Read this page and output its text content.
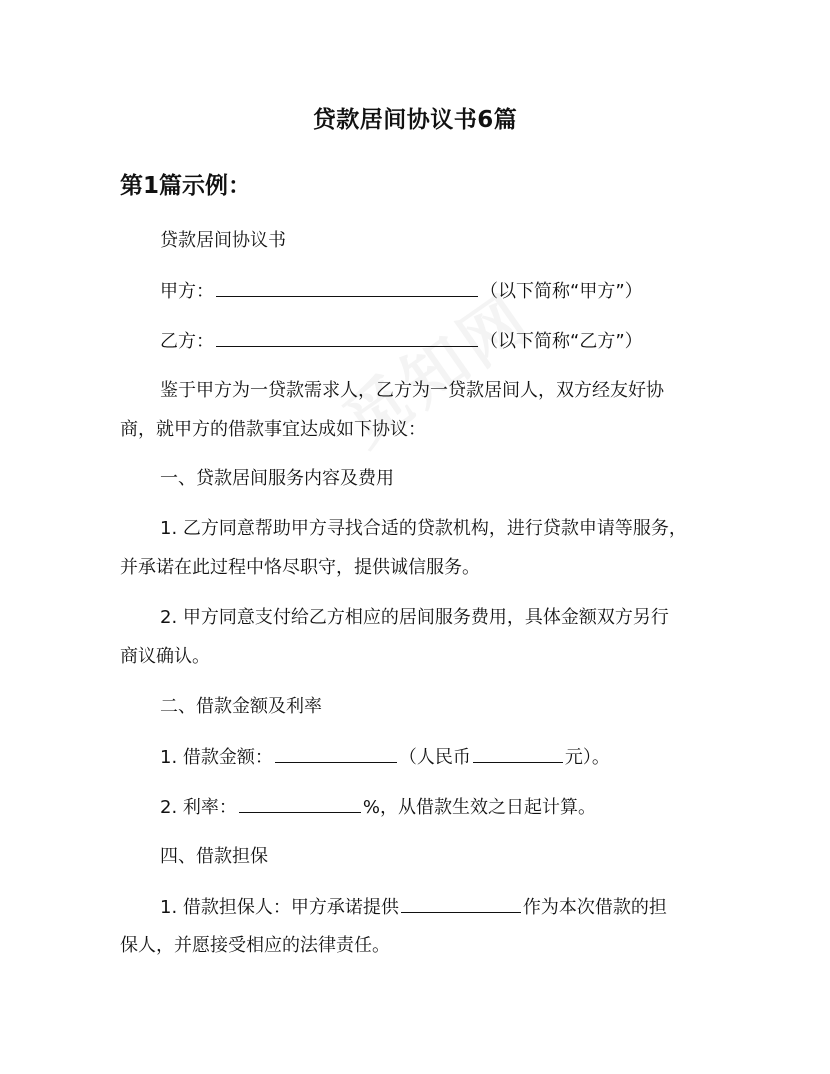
贷款居间协议书6篇
第1篇示例：
贷款居间协议书
甲方：	（以下简称“甲方”）
乙方：	（以下简称“乙方”）
鉴于甲方为一贷款需求人，乙方为一贷款居间人，双方经友好协
商，就甲方的借款事宜达成如下协议：
一、贷款居间服务内容及费用
1. 乙方同意帮助甲方寻找合适的贷款机构，进行贷款申请等服务，
并承诺在此过程中恪尽职守，提供诚信服务。
2. 甲方同意支付给乙方相应的居间服务费用，具体金额双方另行
商议确认。
二、借款金额及利率
1. 借款金额：	（人民币	元）。
2. 利率：	%，从借款生效之日起计算。
四、借款担保
1. 借款担保人：甲方承诺提供	作为本次借款的担
保人，并愿接受相应的法律责任。
